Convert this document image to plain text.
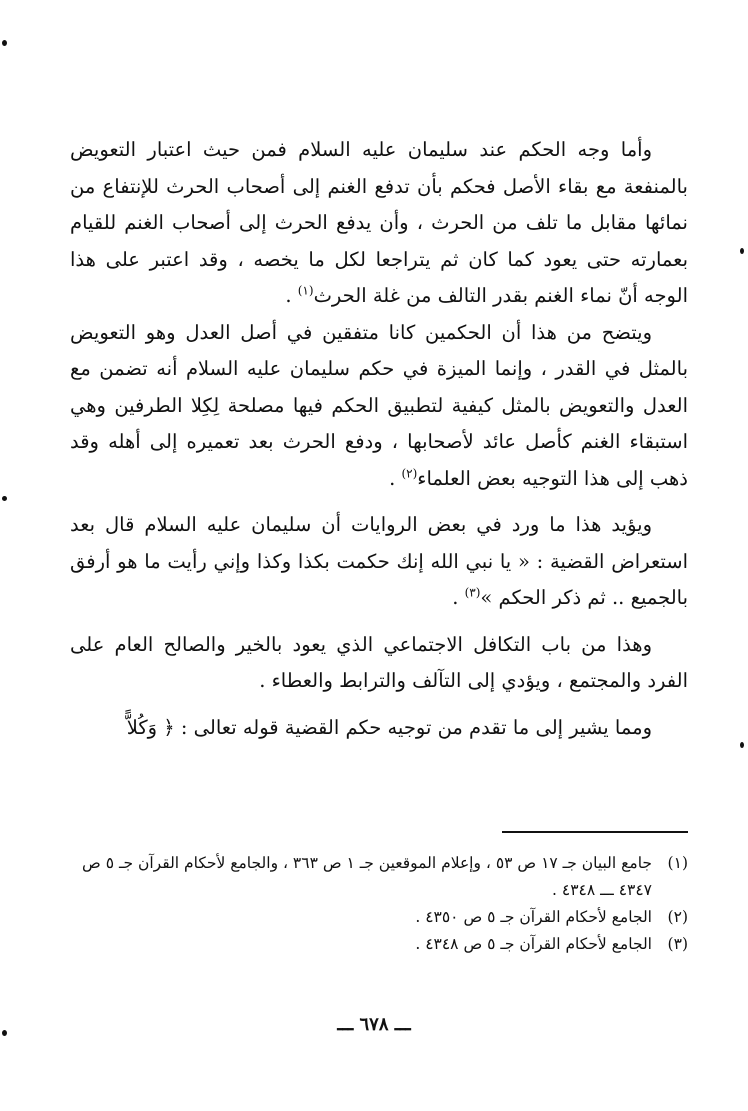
وأما وجه الحكم عند سليمان عليه السلام فمن حيث اعتبار التعويض بالمنفعة مع بقاء الأصل فحكم بأن تدفع الغنم إلى أصحاب الحرث للإنتفاع من نمائها مقابل ما تلف من الحرث ، وأن يدفع الحرث إلى أصحاب الغنم للقيام بعمارته حتى يعود كما كان ثم يتراجعا لكل ما يخصه ، وقد اعتبر على هذا الوجه أنّ نماء الغنم بقدر التالف من غلة الحرث$^{(١)}$ .

ويتضح من هذا أن الحكمين كانا متفقين في أصل العدل وهو التعويض بالمثل في القدر ، وإنما الميزة في حكم سليمان عليه السلام أنه تضمن مع العدل والتعويض بالمثل كيفية لتطبيق الحكم فيها مصلحة لِكِلا الطرفين وهي استبقاء الغنم كأصل عائد لأصحابها ، ودفع الحرث بعد تعميره إلى أهله وقد ذهب إلى هذا التوجيه بعض العلماء$^{(٢)}$ .

ويؤيد هذا ما ورد في بعض الروايات أن سليمان عليه السلام قال بعد استعراض القضية : « يا نبي الله إنك حكمت بكذا وكذا وإني رأيت ما هو أرفق بالجميع .. ثم ذكر الحكم »$^{(٣)}$ .

وهذا من باب التكافل الاجتماعي الذي يعود بالخير والصالح العام على الفرد والمجتمع ، ويؤدي إلى التآلف والترابط والعطاء .

ومما يشير إلى ما تقدم من توجيه حكم القضية قوله تعالى : ﴿ وَكُلاًّ

(١)
جامع البيان جـ ١٧ ص ٥٣ ، وإعلام الموقعين جـ ١ ص ٣٦٣ ، والجامع لأحكام القرآن جـ ٥ ص ٤٣٤٧ ـــ ٤٣٤٨ .
(٢)
الجامع لأحكام القرآن جـ ٥ ص ٤٣٥٠ .
(٣)
الجامع لأحكام القرآن جـ ٥ ص ٤٣٤٨ .
ـــ ٦٧٨ ـــ
